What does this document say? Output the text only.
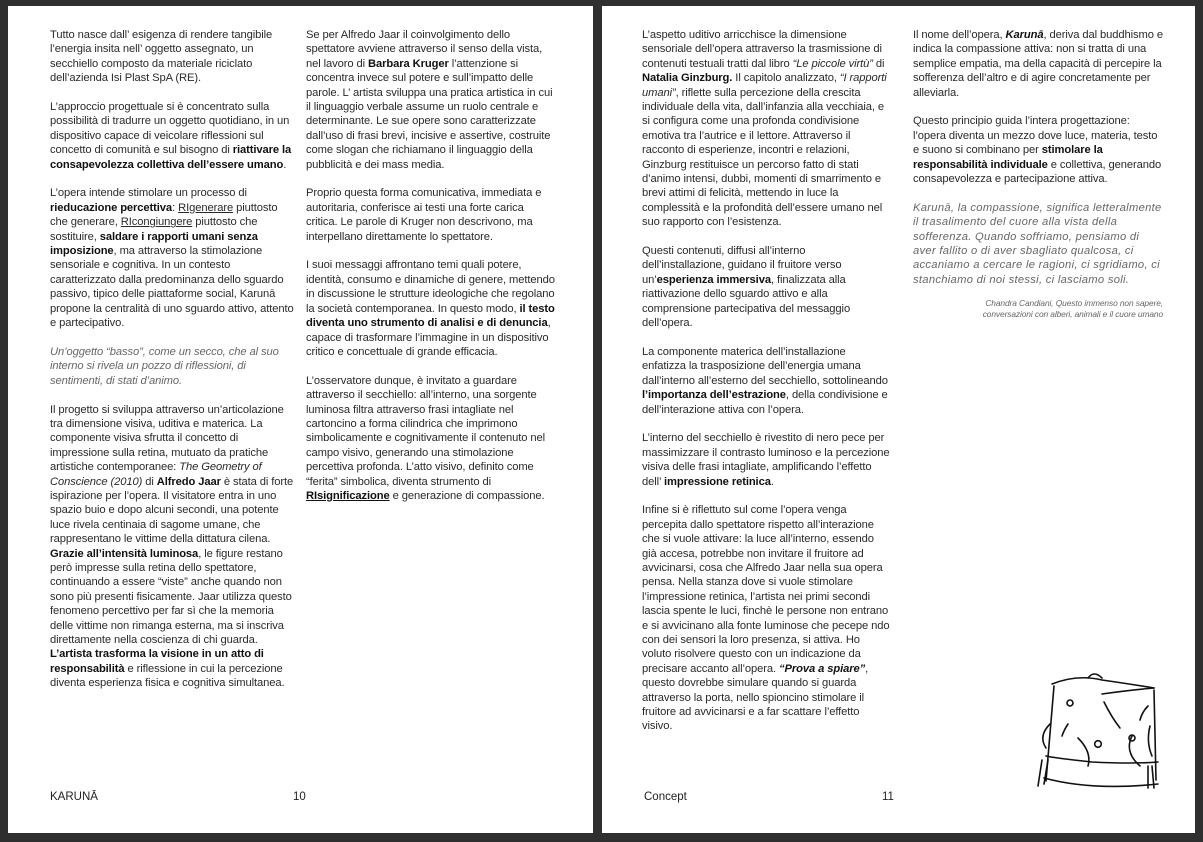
Tutto nasce dall’ esigenza di rendere tangibile l’energia insita nell’ oggetto assegnato, un secchiello composto da materiale riciclato dell’azienda Isi Plast SpA (RE).

L’approccio progettuale si è concentrato sulla possibilità di tradurre un oggetto quotidiano, in un dispositivo capace di veicolare riflessioni sul concetto di comunità e sul bisogno di riattivare la consapevolezza collettiva dell’essere umano.

L’opera intende stimolare un processo di rieducazione percettiva: RIgenerare piuttosto che generare, RIcongiungere piuttosto che sostituire, saldare i rapporti umani senza imposizione, ma attraverso la stimolazione sensoriale e cognitiva. In un contesto caratterizzato dalla predominanza dello sguardo passivo, tipico delle piattaforme social, Karunā propone la centralità di uno sguardo attivo, attento e partecipativo.

Un’oggetto “basso”, come un secco, che al suo interno si rivela un pozzo di riflessioni, di sentimenti, di stati d’animo.

Il progetto si sviluppa attraverso un’articolazione tra dimensione visiva, uditiva e materica. La componente visiva sfrutta il concetto di impressione sulla retina, mutuato da pratiche artistiche contemporanee: The Geometry of Conscience (2010) di Alfredo Jaar è stata di forte ispirazione per l’opera. Il visitatore entra in uno spazio buio e dopo alcuni secondi, una potente luce rivela centinaia di sagome umane, che rappresentano le vittime della dittatura cilena. Grazie all’intensità luminosa, le figure restano però impresse sulla retina dello spettatore, continuando a essere “viste” anche quando non sono più presenti fisicamente. Jaar utilizza questo fenomeno percettivo per far sì che la memoria delle vittime non rimanga esterna, ma si inscriva direttamente nella coscienza di chi guarda. L’artista trasforma la visione in un atto di responsabilità e riflessione in cui la percezione diventa esperienza fisica e cognitiva simultanea.

Se per Alfredo Jaar il coinvolgimento dello spettatore avviene attraverso il senso della vista, nel lavoro di Barbara Kruger l’attenzione si concentra invece sul potere e sull’impatto delle parole. L’ artista sviluppa una pratica artistica in cui il linguaggio verbale assume un ruolo centrale e determinante. Le sue opere sono caratterizzate dall’uso di frasi brevi, incisive e assertive, costruite come slogan che richiamano il linguaggio della pubblicità e dei mass media.

Proprio questa forma comunicativa, immediata e autoritaria, conferisce ai testi una forte carica critica. Le parole di Kruger non descrivono, ma interpellano direttamente lo spettatore.

I suoi messaggi affrontano temi quali potere, identità, consumo e dinamiche di genere, mettendo in discussione le strutture ideologiche che regolano la società contemporanea. In questo modo, il testo diventa uno strumento di analisi e di denuncia, capace di trasformare l’immagine in un dispositivo critico e concettuale di grande efficacia.

L’osservatore dunque, è invitato a guardare attraverso il secchiello: all’interno, una sorgente luminosa filtra attraverso frasi intagliate nel cartoncino a forma cilindrica che imprimono simbolicamente e cognitivamente il contenuto nel campo visivo, generando una stimolazione percettiva profonda. L’atto visivo, definito come “ferita” simbolica, diventa strumento di RIsignificazione e generazione di compassione.

KARUNĀ	10

L’aspetto uditivo arricchisce la dimensione sensoriale dell’opera attraverso la trasmissione di contenuti testuali tratti dal libro “Le piccole virtù” di Natalia Ginzburg. Il capitolo analizzato, “I rapporti umani”, riflette sulla percezione della crescita individuale della vita, dall’infanzia alla vecchiaia, e si configura come una profonda condivisione emotiva tra l’autrice e il lettore. Attraverso il racconto di esperienze, incontri e relazioni, Ginzburg restituisce un percorso fatto di stati d’animo intensi, dubbi, momenti di smarrimento e brevi attimi di felicità, mettendo in luce la complessità e la profondità dell’essere umano nel suo rapporto con l’esistenza.

Questi contenuti, diffusi all’interno dell’installazione, guidano il fruitore verso un’esperienza immersiva, finalizzata alla riattivazione dello sguardo attivo e alla comprensione partecipativa del messaggio dell’opera.

La componente materica dell’installazione enfatizza la trasposizione dell’energia umana dall’interno all’esterno del secchiello, sottolineando l’importanza dell’estrazione, della condivisione e dell’interazione attiva con l’opera.

L’interno del secchiello è rivestito di nero pece per massimizzare il contrasto luminoso e la percezione visiva delle frasi intagliate, amplificando l’effetto dell’ impressione retinica.

Infine si è riflettuto sul come l’opera venga percepita dallo spettatore rispetto all’interazione che si vuole attivare: la luce all’interno, essendo già accesa, potrebbe non invitare il fruitore ad avvicinarsi, cosa che Alfredo Jaar nella sua opera pensa. Nella stanza dove si vuole stimolare l’impressione retinica, l’artista nei primi secondi lascia spente le luci, finchè le persone non entrano e si avvicinano alla fonte luminose che pecepe ndo con dei sensori la loro presenza, si attiva. Ho voluto risolvere questo con un indicazione da precisare accanto all’opera. “Prova a spiare”, questo dovrebbe simulare quando si guarda attraverso la porta, nello spioncino stimolare il fruitore ad avvicinarsi e a far scattare l’effetto visivo.

Il nome dell’opera, Karunā, deriva dal buddhismo e indica la compassione attiva: non si tratta di una semplice empatia, ma della capacità di percepire la sofferenza dell’altro e di agire concretamente per alleviarla.

Questo principio guida l’intera progettazione: l’opera diventa un mezzo dove luce, materia, testo e suono si combinano per stimolare la responsabilità individuale e collettiva, generando consapevolezza e partecipazione attiva.

Karunā, la compassione, significa letteralmente il trasalimento del cuore alla vista della sofferenza. Quando soffriamo, pensiamo di aver fallito o di aver sbagliato qualcosa, ci accaniamo a cercare le ragioni, ci sgridiamo, ci stanchiamo di noi stessi, ci lasciamo soli.

Chandra Candiani, Questo immenso non sapere,
conversazioni con alberi, animali e il cuore umano
Concept	11
